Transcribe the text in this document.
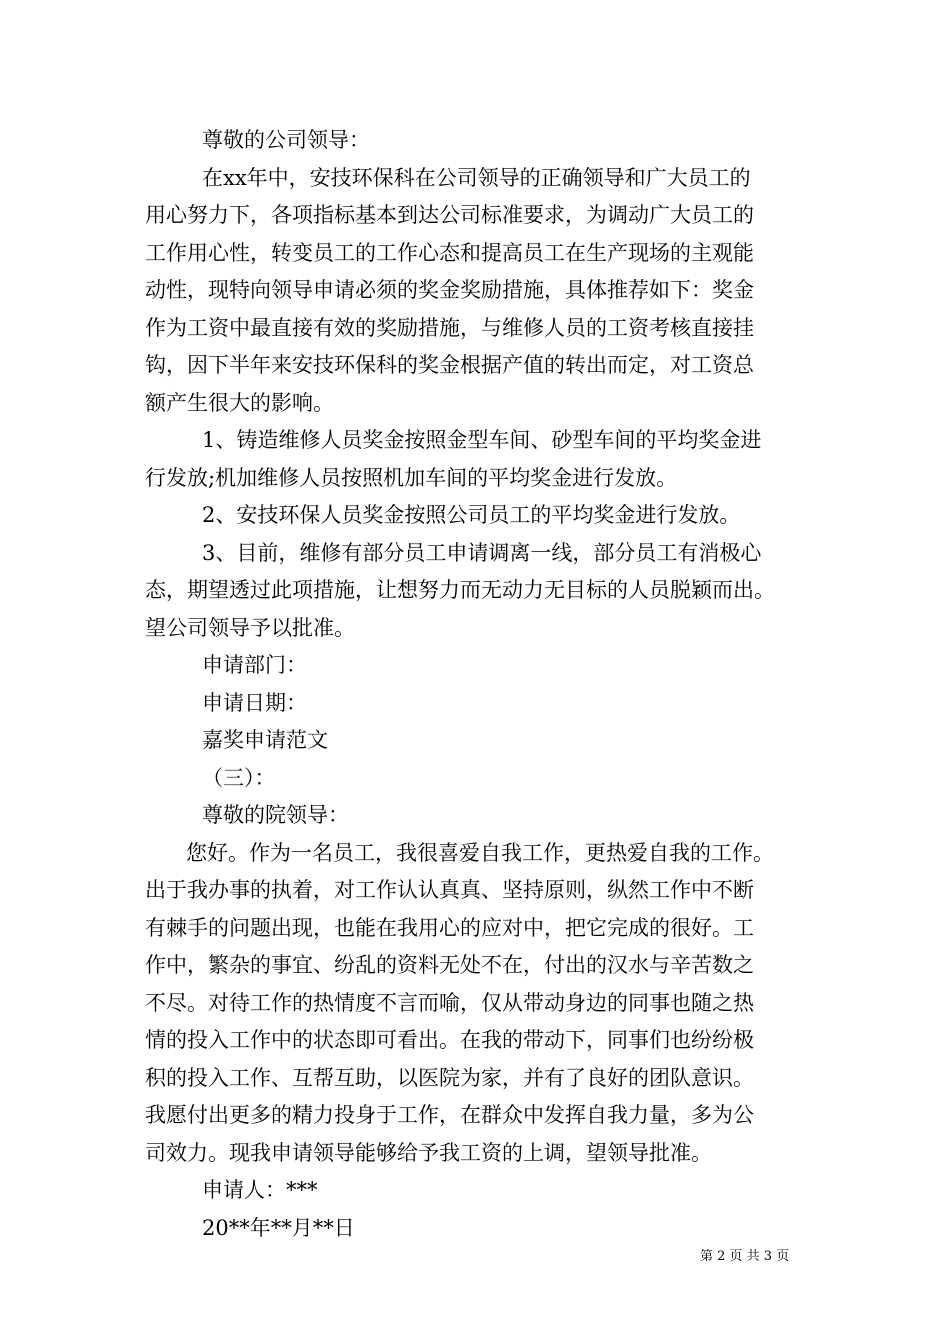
尊敬的公司领导：
在xx年中，安技环保科在公司领导的正确领导和广大员工的
用心努力下，各项指标基本到达公司标准要求，为调动广大员工的
工作用心性，转变员工的工作心态和提高员工在生产现场的主观能
动性，现特向领导申请必须的奖金奖励措施，具体推荐如下：奖金
作为工资中最直接有效的奖励措施，与维修人员的工资考核直接挂
钩，因下半年来安技环保科的奖金根据产值的转出而定，对工资总
额产生很大的影响。
1、铸造维修人员奖金按照金型车间、砂型车间的平均奖金进
行发放;机加维修人员按照机加车间的平均奖金进行发放。
2、安技环保人员奖金按照公司员工的平均奖金进行发放。
3、目前，维修有部分员工申请调离一线，部分员工有消极心
态，期望透过此项措施，让想努力而无动力无目标的人员脱颖而出。
望公司领导予以批准。
申请部门：
申请日期：
嘉奖申请范文
（三）：
尊敬的院领导：
您好。作为一名员工，我很喜爱自我工作，更热爱自我的工作。
出于我办事的执着，对工作认认真真、坚持原则，纵然工作中不断
有棘手的问题出现，也能在我用心的应对中，把它完成的很好。工
作中，繁杂的事宜、纷乱的资料无处不在，付出的汉水与辛苦数之
不尽。对待工作的热情度不言而喻，仅从带动身边的同事也随之热
情的投入工作中的状态即可看出。在我的带动下，同事们也纷纷极
积的投入工作、互帮互助，以医院为家，并有了良好的团队意识。
我愿付出更多的精力投身于工作，在群众中发挥自我力量，多为公
司效力。现我申请领导能够给予我工资的上调，望领导批准。
申请人：***
20**年**月**日
第 2 页 共 3 页
